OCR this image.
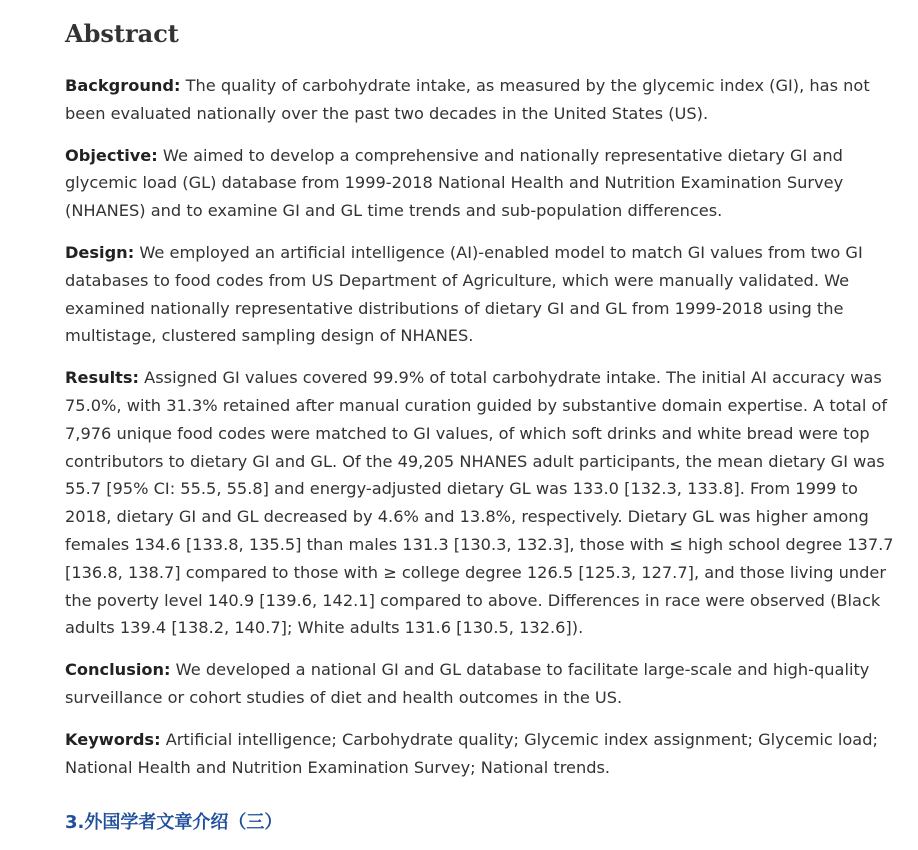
Abstract

Background: The quality of carbohydrate intake, as measured by the glycemic index (GI), has not been evaluated nationally over the past two decades in the United States (US).

Objective: We aimed to develop a comprehensive and nationally representative dietary GI and glycemic load (GL) database from 1999-2018 National Health and Nutrition Examination Survey (NHANES) and to examine GI and GL time trends and sub-population differences.

Design: We employed an artificial intelligence (AI)-enabled model to match GI values from two GI databases to food codes from US Department of Agriculture, which were manually validated. We examined nationally representative distributions of dietary GI and GL from 1999-2018 using the multistage, clustered sampling design of NHANES.

Results: Assigned GI values covered 99.9% of total carbohydrate intake. The initial AI accuracy was 75.0%, with 31.3% retained after manual curation guided by substantive domain expertise. A total of 7,976 unique food codes were matched to GI values, of which soft drinks and white bread were top contributors to dietary GI and GL. Of the 49,205 NHANES adult participants, the mean dietary GI was 55.7 [95% CI: 55.5, 55.8] and energy-adjusted dietary GL was 133.0 [132.3, 133.8]. From 1999 to 2018, dietary GI and GL decreased by 4.6% and 13.8%, respectively. Dietary GL was higher among females 134.6 [133.8, 135.5] than males 131.3 [130.3, 132.3], those with ≤ high school degree 137.7 [136.8, 138.7] compared to those with ≥ college degree 126.5 [125.3, 127.7], and those living under the poverty level 140.9 [139.6, 142.1] compared to above. Differences in race were observed (Black adults 139.4 [138.2, 140.7]; White adults 131.6 [130.5, 132.6]).

Conclusion: We developed a national GI and GL database to facilitate large-scale and high-quality surveillance or cohort studies of diet and health outcomes in the US.

Keywords: Artificial intelligence; Carbohydrate quality; Glycemic index assignment; Glycemic load; National Health and Nutrition Examination Survey; National trends.

3.外国学者文章介绍（三）
